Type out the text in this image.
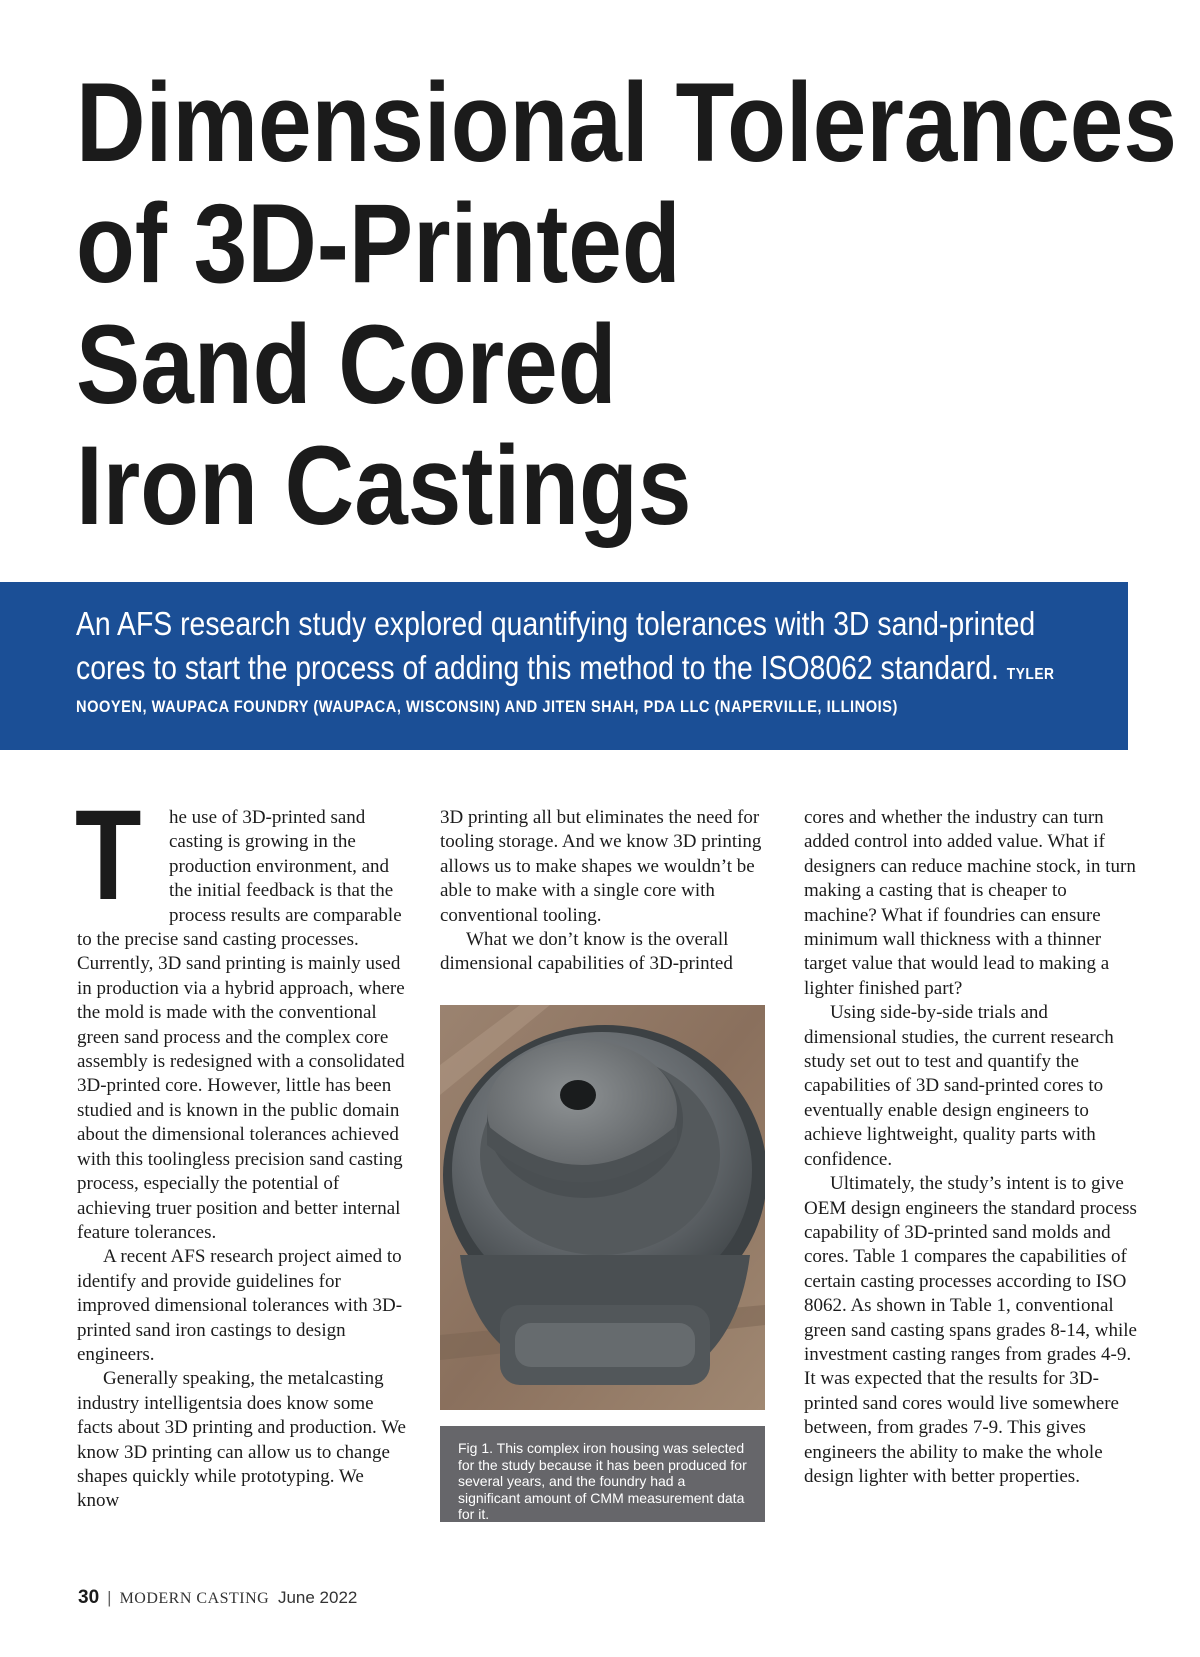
Dimensional Tolerances
of 3D-Printed
Sand Cored
Iron Castings
An AFS research study explored quantifying tolerances with 3D sand-printed
cores to start the process of adding this method to the ISO8062 standard. TYLER
NOOYEN, WAUPACA FOUNDRY (WAUPACA, WISCONSIN) AND JITEN SHAH, PDA LLC (NAPERVILLE, ILLINOIS)

T	he use of 3D-printed sand casting is growing in the production environment, and the initial feedback is that the process results are comparable to the precise sand casting processes. Currently, 3D sand printing is mainly used in production via a hybrid approach, where the mold is made with the conventional green sand process and the complex core assembly is redesigned with a consolidated 3D-printed core. However, little has been studied and is known in the public domain about the dimensional tolerances achieved with this toolingless precision sand casting process, especially the potential of achieving truer position and better internal feature tolerances.

A recent AFS research project aimed to identify and provide guidelines for improved dimensional tolerances with 3D-printed sand iron castings to design engineers.

Generally speaking, the metalcasting industry intelligentsia does know some facts about 3D printing and production. We know 3D printing can allow us to change shapes quickly while prototyping. We know

3D printing all but eliminates the need for tooling storage. And we know 3D printing allows us to make shapes we wouldn’t be able to make with a single core with conventional tooling.

What we don’t know is the overall dimensional capabilities of 3D-printed

Fig 1. This complex iron housing was selected for the study because it has been produced for several years, and the foundry had a significant amount of CMM measurement data for it.

cores and whether the industry can turn added control into added value. What if designers can reduce machine stock, in turn making a casting that is cheaper to machine? What if foundries can ensure minimum wall thickness with a thinner target value that would lead to making a lighter finished part?

Using side-by-side trials and dimensional studies, the current research study set out to test and quantify the capabilities of 3D sand-printed cores to eventually enable design engineers to achieve lightweight, quality parts with confidence.

Ultimately, the study’s intent is to give OEM design engineers the standard process capability of 3D-printed sand molds and cores. Table 1 compares the capabilities of certain casting processes according to ISO 8062. As shown in Table 1, conventional green sand casting spans grades 8-14, while investment casting ranges from grades 4-9. It was expected that the results for 3D-printed sand cores would live somewhere between, from grades 7-9. This gives engineers the ability to make the whole design lighter with better properties.

30 | MODERN CASTING June 2022
